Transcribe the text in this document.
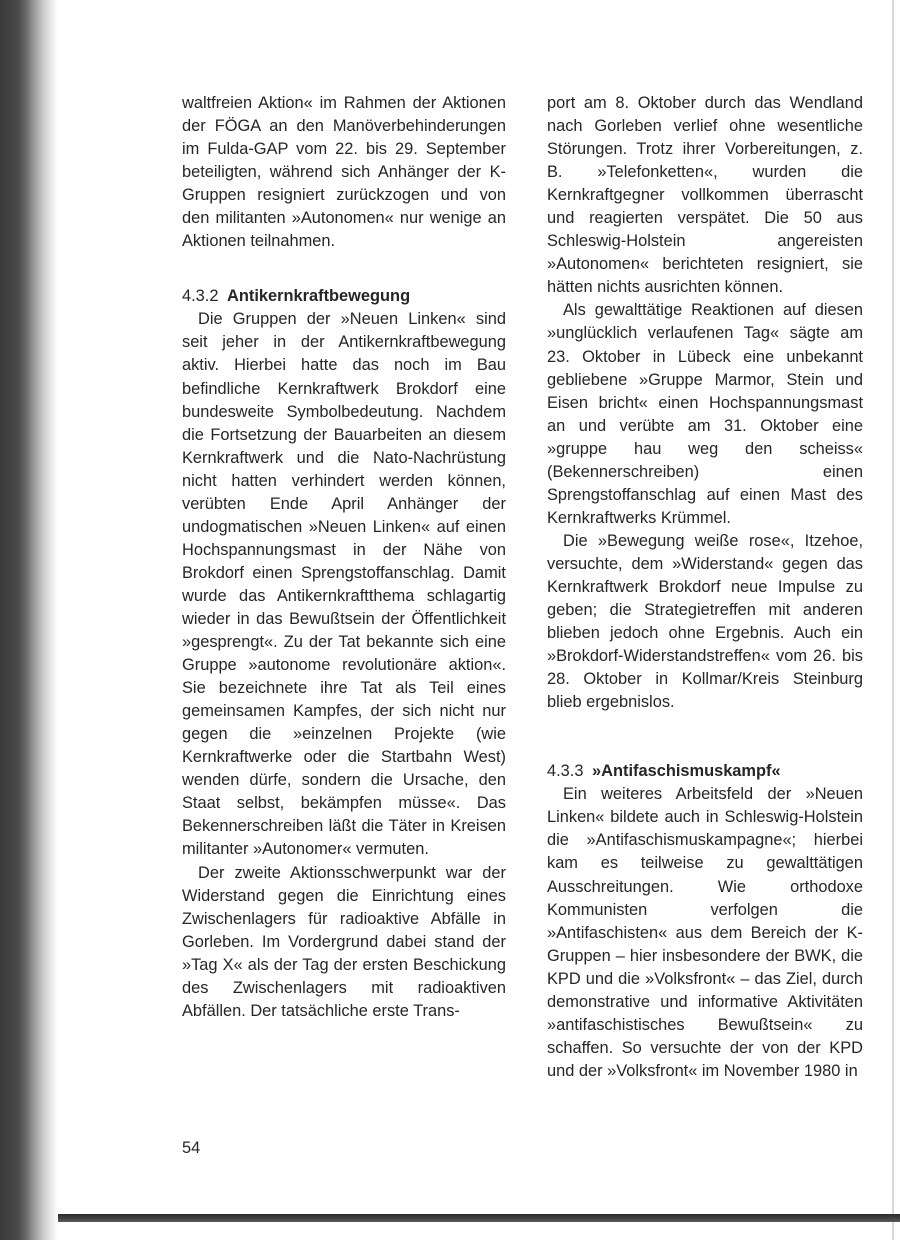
waltfreien Aktion« im Rahmen der Aktionen der FÖGA an den Manöverbehinderungen im Fulda-GAP vom 22. bis 29. September beteiligten, während sich Anhänger der K-Gruppen resigniert zurückzogen und von den militanten »Autonomen« nur wenige an Aktionen teilnahmen.

4.3.2 Antikernkraftbewegung

Die Gruppen der »Neuen Linken« sind seit jeher in der Antikernkraftbewegung aktiv. Hierbei hatte das noch im Bau befindliche Kernkraftwerk Brokdorf eine bundesweite Symbolbedeutung. Nachdem die Fortsetzung der Bauarbeiten an diesem Kernkraftwerk und die Nato-Nachrüstung nicht hatten verhindert werden können, verübten Ende April Anhänger der undogmatischen »Neuen Linken« auf einen Hochspannungsmast in der Nähe von Brokdorf einen Sprengstoffanschlag. Damit wurde das Antikernkraftthema schlagartig wieder in das Bewußtsein der Öffentlichkeit »gesprengt«. Zu der Tat bekannte sich eine Gruppe »autonome revolutionäre aktion«. Sie bezeichnete ihre Tat als Teil eines gemeinsamen Kampfes, der sich nicht nur gegen die »einzelnen Projekte (wie Kernkraftwerke oder die Startbahn West) wenden dürfe, sondern die Ursache, den Staat selbst, bekämpfen müsse«. Das Bekennerschreiben läßt die Täter in Kreisen militanter »Autonomer« vermuten.

Der zweite Aktionsschwerpunkt war der Widerstand gegen die Einrichtung eines Zwischenlagers für radioaktive Abfälle in Gorleben. Im Vordergrund dabei stand der »Tag X« als der Tag der ersten Beschickung des Zwischenlagers mit radioaktiven Abfällen. Der tatsächliche erste Trans-

port am 8. Oktober durch das Wendland nach Gorleben verlief ohne wesentliche Störungen. Trotz ihrer Vorbereitungen, z. B. »Telefonketten«, wurden die Kernkraftgegner vollkommen überrascht und reagierten verspätet. Die 50 aus Schleswig-Holstein angereisten »Autonomen« berichteten resigniert, sie hätten nichts ausrichten können.

Als gewalttätige Reaktionen auf diesen »unglücklich verlaufenen Tag« sägte am 23. Oktober in Lübeck eine unbekannt gebliebene »Gruppe Marmor, Stein und Eisen bricht« einen Hochspannungsmast an und verübte am 31. Oktober eine »gruppe hau weg den scheiss« (Bekennerschreiben) einen Sprengstoffanschlag auf einen Mast des Kernkraftwerks Krümmel.

Die »Bewegung weiße rose«, Itzehoe, versuchte, dem »Widerstand« gegen das Kernkraftwerk Brokdorf neue Impulse zu geben; die Strategietreffen mit anderen blieben jedoch ohne Ergebnis. Auch ein »Brokdorf-Widerstandstreffen« vom 26. bis 28. Oktober in Kollmar/Kreis Steinburg blieb ergebnislos.

4.3.3 »Antifaschismuskampf«

Ein weiteres Arbeitsfeld der »Neuen Linken« bildete auch in Schleswig-Holstein die »Antifaschismuskampagne«; hierbei kam es teilweise zu gewalttätigen Ausschreitungen. Wie orthodoxe Kommunisten verfolgen die »Antifaschisten« aus dem Bereich der K-Gruppen – hier insbesondere der BWK, die KPD und die »Volksfront« – das Ziel, durch demonstrative und informative Aktivitäten »antifaschistisches Bewußtsein« zu schaffen. So versuchte der von der KPD und der »Volksfront« im November 1980 in

54
